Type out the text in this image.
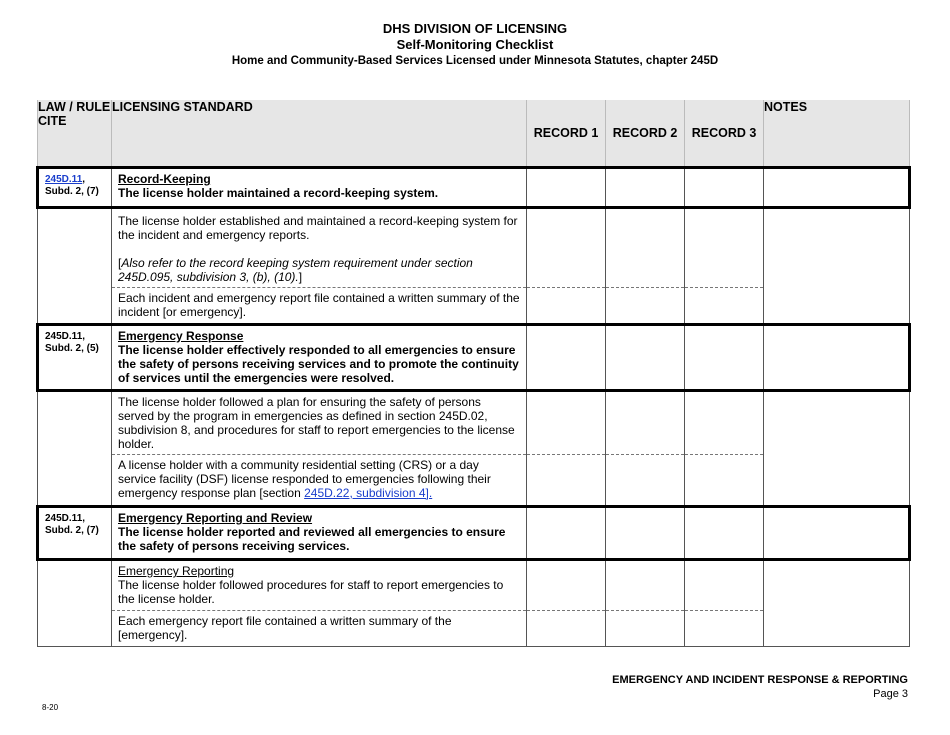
DHS DIVISION OF LICENSING
Self-Monitoring Checklist
Home and Community-Based Services Licensed under Minnesota Statutes, chapter 245D
LAW / RULE CITE	LICENSING STANDARD	RECORD 1	RECORD 2	RECORD 3	NOTES
245D.11, Subd. 2, (7)	Record-Keeping
The license holder maintained a record-keeping system.				

	The license holder established and maintained a record-keeping system for the incident and emergency reports.
[Also refer to the record keeping system requirement under section 245D.095, subdivision 3, (b), (10).]				

	Each incident and emergency report file contained a written summary of the incident [or emergency].				

245D.11, Subd. 2, (5)	Emergency Response
The license holder effectively responded to all emergencies to ensure the safety of persons receiving services and to promote the continuity of services until the emergencies were resolved.				

	The license holder followed a plan for ensuring the safety of persons served by the program in emergencies as defined in section 245D.02, subdivision 8, and procedures for staff to report emergencies to the license holder.				

	A license holder with a community residential setting (CRS) or a day service facility (DSF) license responded to emergencies following their emergency response plan [section 245D.22, subdivision 4].				
245D.11, Subd. 2, (7)	Emergency Reporting and Review
The license holder reported and reviewed all emergencies to ensure the safety of persons receiving services.				

	Emergency Reporting
The license holder followed procedures for staff to report emergencies to the license holder.				

	Each emergency report file contained a written summary of the [emergency].				

EMERGENCY AND INCIDENT RESPONSE & REPORTING
Page 3
8-20
